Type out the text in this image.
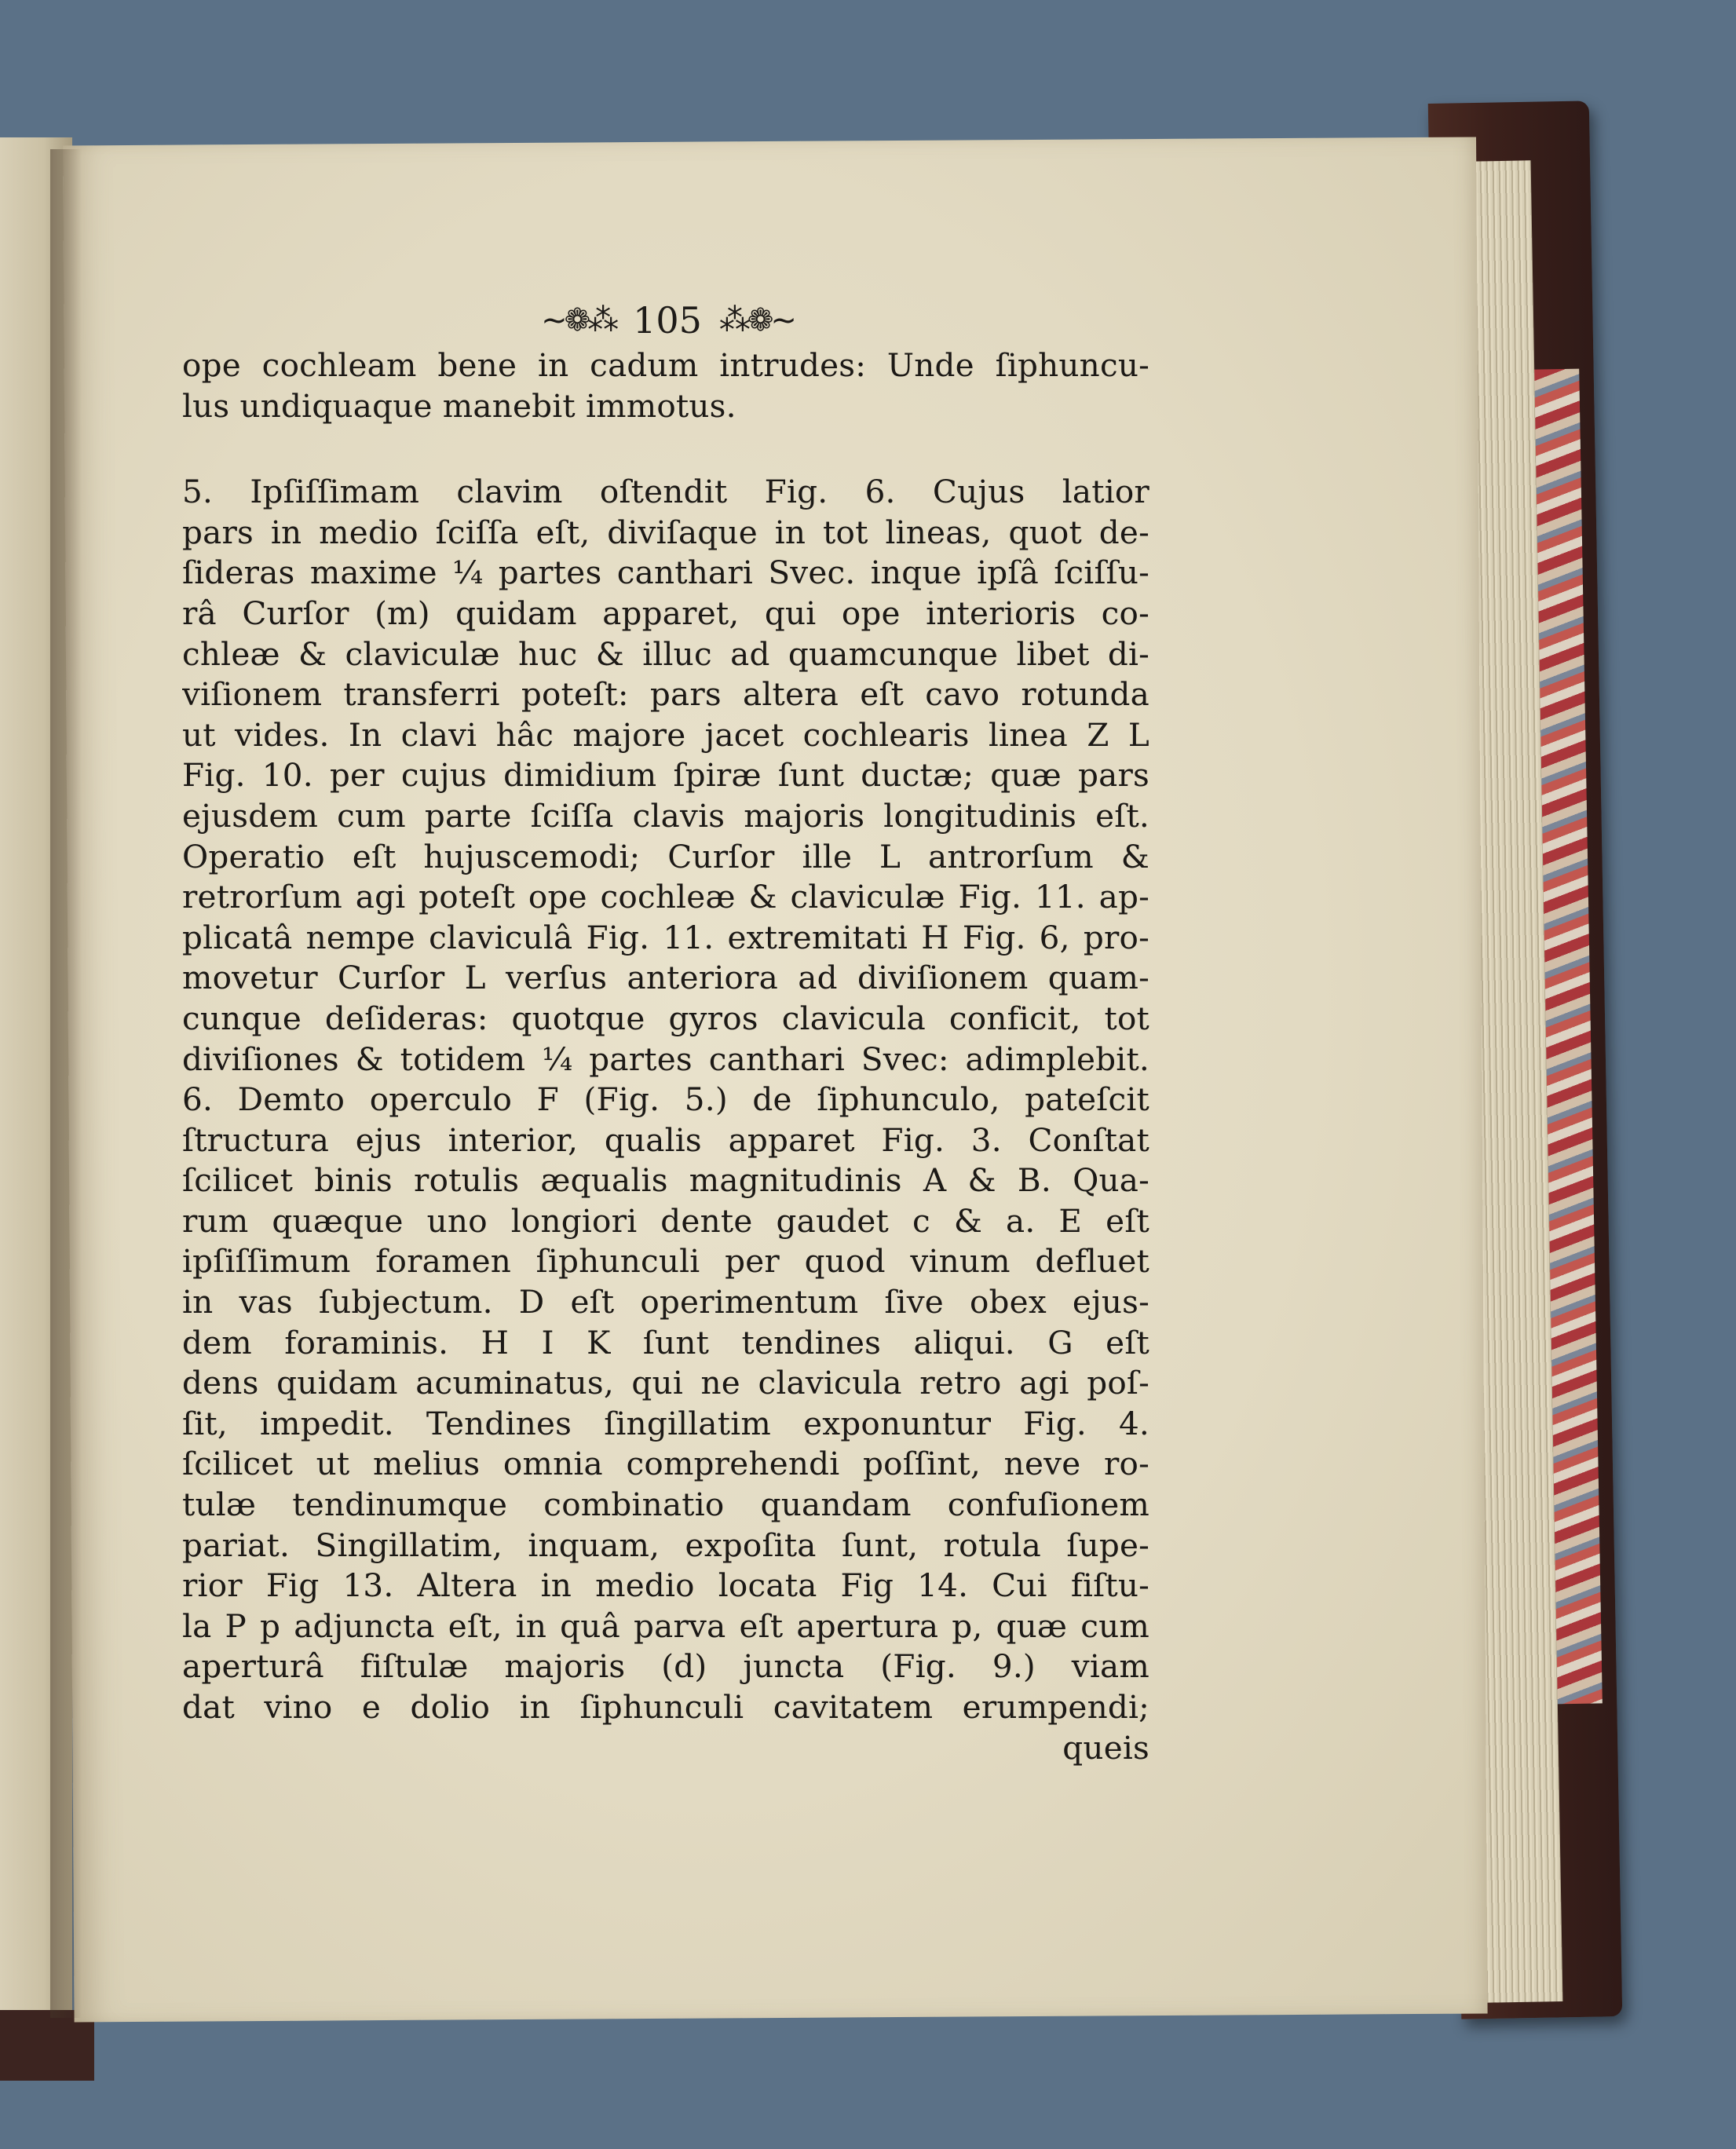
~❁⁂ 105 ⁂❁~
ope cochleam bene in cadum intrudes: Unde ſiphuncu-
lus undiquaque manebit immotus.
5. Ipſiſſimam clavim oſtendit Fig. 6. Cujus latior
pars in medio ſciſſa eſt, diviſaque in tot lineas, quot de-
ſideras maxime ¼ partes canthari Svec. inque ipſâ ſciſſu-
râ Curſor (m) quidam apparet, qui ope interioris co-
chleæ & claviculæ huc & illuc ad quamcunque libet di-
viſionem transferri poteſt: pars altera eſt cavo rotunda
ut vides. In clavi hâc majore jacet cochlearis linea Z L
Fig. 10. per cujus dimidium ſpiræ ſunt ductæ; quæ pars
ejusdem cum parte ſciſſa clavis majoris longitudinis eſt.
Operatio eſt hujuscemodi; Curſor ille L antrorſum &
retrorſum agi poteſt ope cochleæ & claviculæ Fig. 11. ap-
plicatâ nempe claviculâ Fig. 11. extremitati H Fig. 6, pro-
movetur Curſor L verſus anteriora ad diviſionem quam-
cunque deſideras: quotque gyros clavicula conficit, tot
diviſiones & totidem ¼ partes canthari Svec: adimplebit.
6. Demto operculo F (Fig. 5.) de ſiphunculo, pateſcit
ſtructura ejus interior, qualis apparet Fig. 3. Conſtat
ſcilicet binis rotulis æqualis magnitudinis A & B. Qua-
rum quæque uno longiori dente gaudet c & a. E eſt
ipſiſſimum foramen ſiphunculi per quod vinum defluet
in vas ſubjectum. D eſt operimentum ſive obex ejus-
dem foraminis. H I K ſunt tendines aliqui. G eſt
dens quidam acuminatus, qui ne clavicula retro agi poſ-
ſit, impedit. Tendines ſingillatim exponuntur Fig. 4.
ſcilicet ut melius omnia comprehendi poſſint, neve ro-
tulæ tendinumque combinatio quandam confuſionem
pariat. Singillatim, inquam, expoſita ſunt, rotula ſupe-
rior Fig 13. Altera in medio locata Fig 14. Cui fiſtu-
la P p adjuncta eſt, in quâ parva eſt apertura p, quæ cum
aperturâ fiſtulæ majoris (d) juncta (Fig. 9.) viam
dat vino e dolio in ſiphunculi cavitatem erumpendi;
queis
